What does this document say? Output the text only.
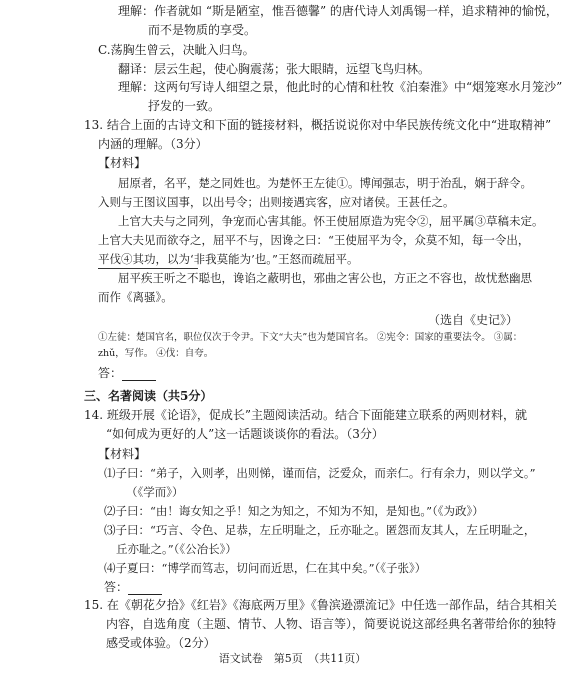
理解：作者就如 “斯是陋室，惟吾德馨” 的唐代诗人刘禹锡一样，追求精神的愉悦，
而不是物质的享受。
C.荡胸生曾云，决眦入归鸟。
翻译：层云生起，使心胸震荡；张大眼睛，远望飞鸟归林。
理解：这两句写诗人细望之景，他此时的心情和杜牧《泊秦淮》中“烟笼寒水月笼沙”
抒发的一致。
13. 结合上面的古诗文和下面的链接材料，概括说说你对中华民族传统文化中“进取精神”
内涵的理解。（3分）
【材料】
屈原者，名平，楚之同姓也。为楚怀王左徒①。博闻强志，明于治乱，娴于辞令。
入则与王图议国事，以出号令；出则接遇宾客，应对诸侯。王甚任之。
上官大夫与之同列，争宠而心害其能。怀王使屈原造为宪令②，屈平属③草稿未定。
上官大夫见而欲夺之，屈平不与，因谗之曰：“王使屈平为令，众莫不知，每一令出，
平伐④其功，以为‘非我莫能为’也。”王怒而疏屈平。
屈平疾王听之不聪也，谗谄之蔽明也，邪曲之害公也，方正之不容也，故忧愁幽思
而作《离骚》。
（选自《史记》）
①左徒：楚国官名，职位仅次于令尹。下文“大夫”也为楚国官名。 ②宪令：国家的重要法令。 ③属：
zhǔ，写作。 ④伐：自夸。
三、名著阅读（共5分）
14. 班级开展《论语》，促成长”主题阅读活动。结合下面能建立联系的两则材料，就
“如何成为更好的人”这一话题谈谈你的看法。（3分）
【材料】
⑴子曰：“弟子，入则孝，出则悌，谨而信，泛爱众，而亲仁。行有余力，则以学文。”
（《学而》）
⑵子曰：“由！诲女知之乎！知之为知之，不知为不知，是知也。”（《为政》）
⑶子曰：“巧言、令色、足恭，左丘明耻之，丘亦耻之。匿怨而友其人，左丘明耻之，
丘亦耻之。”（《公冶长》）
⑷子夏曰：“博学而笃志，切问而近思，仁在其中矣。”（《子张》）
15. 在《朝花夕拾》《红岩》《海底两万里》《鲁滨逊漂流记》中任选一部作品，结合其相关
内容，自选角度（主题、情节、人物、语言等），简要说说这部经典名著带给你的独特
感受或体验。（2分）
答：
答：
语文试卷　第5页　（共11页）
